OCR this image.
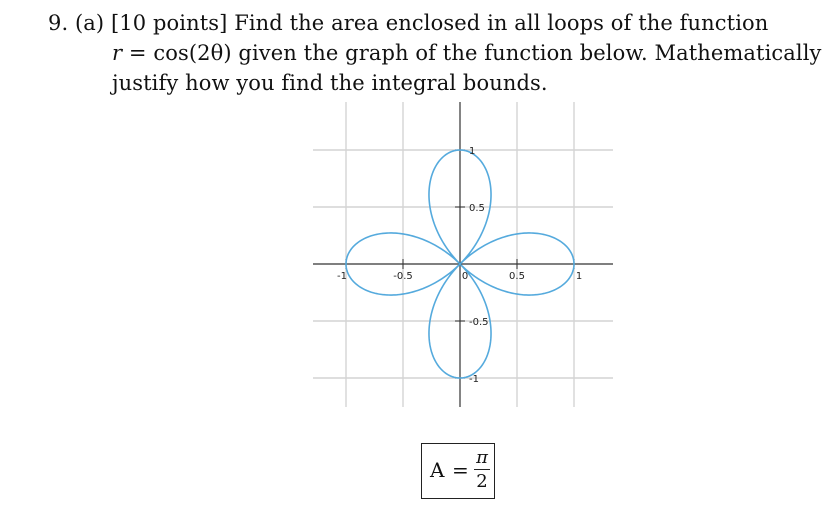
9. (a) [10 points] Find the area enclosed in all loops of the function
r = cos(2θ) given the graph of the function below. Mathematically
justify how you find the integral bounds.
-1	-0.5	0	0.5	1
1
0.5
-0.5
-1
A =
π
2
